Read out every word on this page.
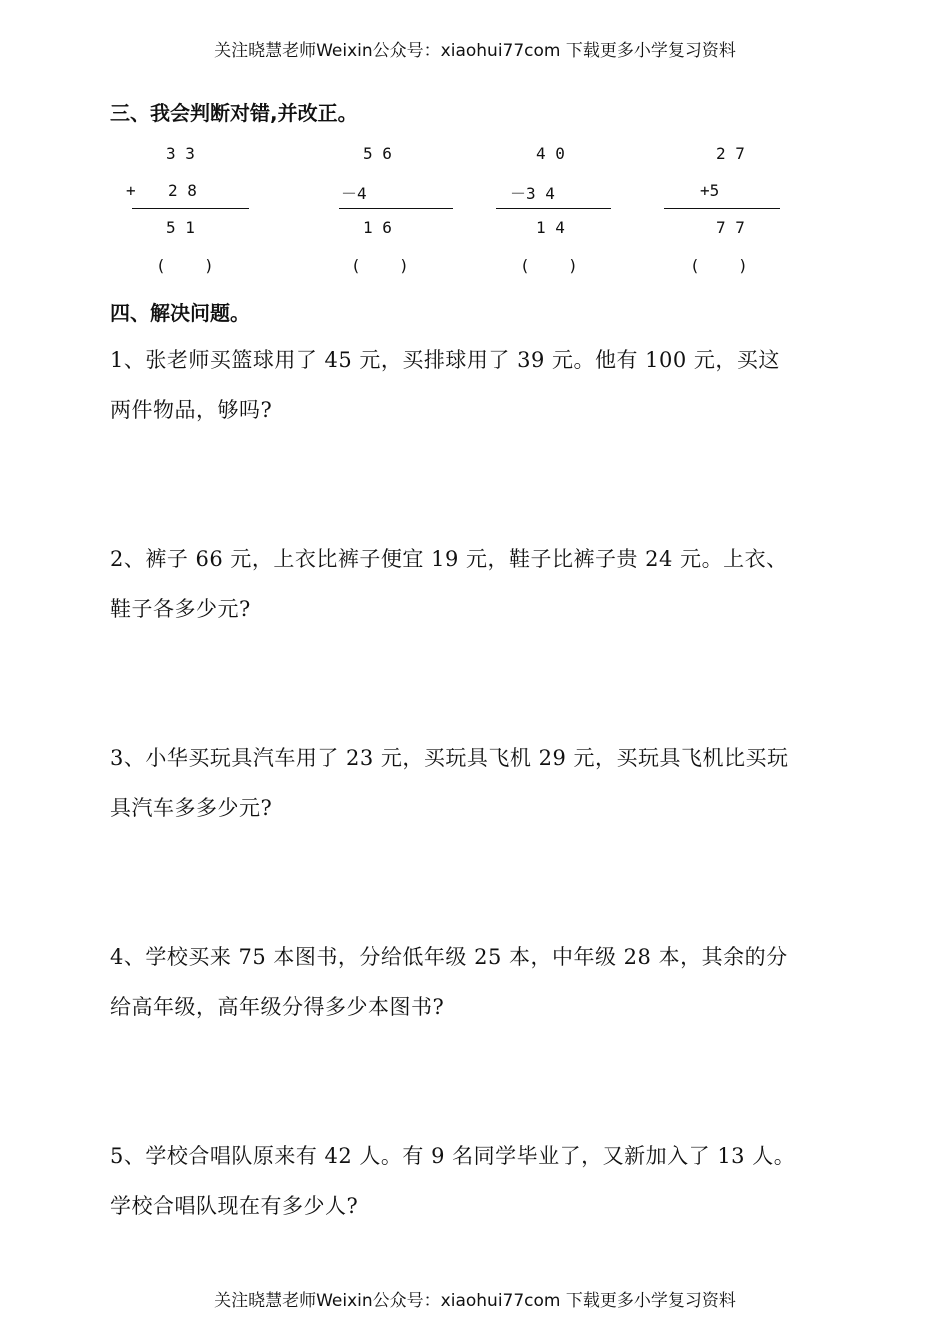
关注晓慧老师Weixin公众号：xiaohui77com 下载更多小学复习资料
三、我会判断对错,并改正。
3 3
+ 2 8
5 1
(    )
5 6
－4
1 6
(    )
4 0
－3 4
1 4
(    )
2 7
+5
7 7
(    )
四、解决问题。
1、张老师买篮球用了 45 元，买排球用了 39 元。他有 100 元，买这
两件物品，够吗?
2、裤子 66 元，上衣比裤子便宜 19 元，鞋子比裤子贵 24 元。上衣、
鞋子各多少元?
3、小华买玩具汽车用了 23 元，买玩具飞机 29 元，买玩具飞机比买玩
具汽车多多少元?
4、学校买来 75 本图书，分给低年级 25 本，中年级 28 本，其余的分
给高年级，高年级分得多少本图书?
5、学校合唱队原来有 42 人。有 9 名同学毕业了，又新加入了 13 人。
学校合唱队现在有多少人?
关注晓慧老师Weixin公众号：xiaohui77com 下载更多小学复习资料
